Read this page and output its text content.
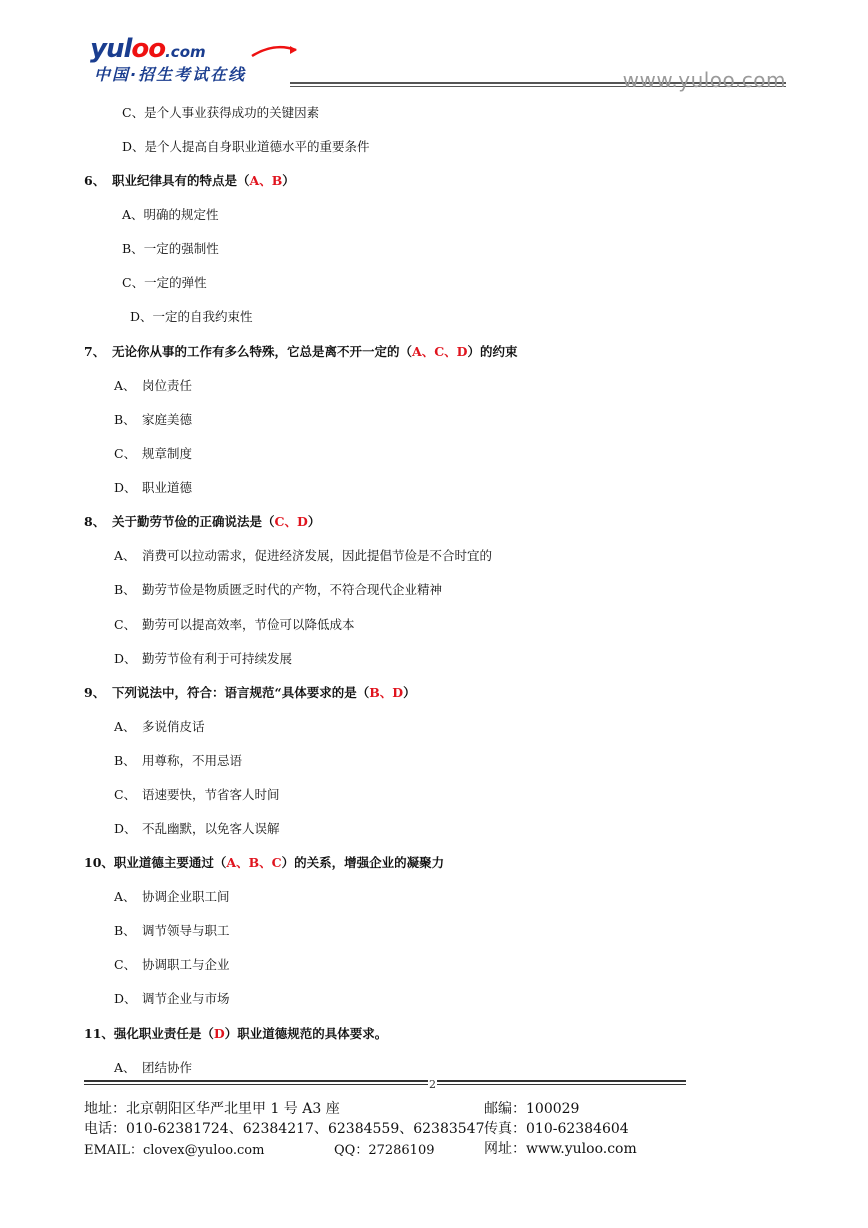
yuloo.com
中国·招生考试在线	www.yuloo.com
C、是个人事业获得成功的关键因素
D、是个人提高自身职业道德水平的重要条件
6、 职业纪律具有的特点是（A、B）
A、明确的规定性
B、一定的强制性
C、一定的弹性
D、一定的自我约束性
7、 无论你从事的工作有多么特殊，它总是离不开一定的（A、C、D）的约束
A、 岗位责任
B、 家庭美德
C、 规章制度
D、 职业道德
8、 关于勤劳节俭的正确说法是（C、D）
A、 消费可以拉动需求，促进经济发展，因此提倡节俭是不合时宜的
B、 勤劳节俭是物质匮乏时代的产物，不符合现代企业精神
C、 勤劳可以提高效率，节俭可以降低成本
D、 勤劳节俭有利于可持续发展
9、 下列说法中，符合：语言规范“具体要求的是（B、D）
A、 多说俏皮话
B、 用尊称，不用忌语
C、 语速要快，节省客人时间
D、 不乱幽默，以免客人误解
10、职业道德主要通过（A、B、C）的关系，增强企业的凝聚力
A、 协调企业职工间
B、 调节领导与职工
C、 协调职工与企业
D、 调节企业与市场
11、强化职业责任是（D）职业道德规范的具体要求。
A、 团结协作
2
地址：北京朝阳区华严北里甲 1 号 A3 座	邮编：100029
电话：010-62381724、62384217、62384559、62383547 传真：010-62384604
EMAIL：clovex@yuloo.com	QQ：27286109	网址：www.yuloo.com
